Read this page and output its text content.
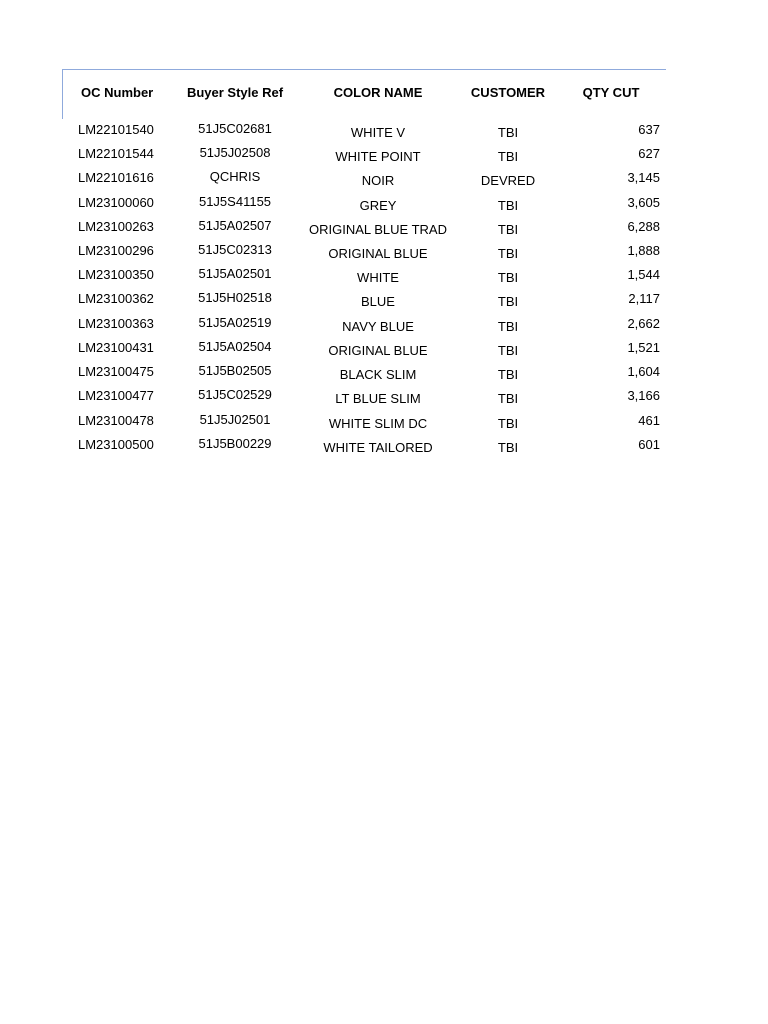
OC Number	Buyer Style Ref	COLOR NAME	CUSTOMER	QTY CUT
LM22101540	51J5C02681	WHITE V	TBI	637
LM22101544	51J5J02508	WHITE POINT	TBI	627
LM22101616	QCHRIS	NOIR	DEVRED	3,145
LM23100060	51J5S41155	GREY	TBI	3,605
LM23100263	51J5A02507	ORIGINAL BLUE TRAD	TBI	6,288
LM23100296	51J5C02313	ORIGINAL BLUE	TBI	1,888
LM23100350	51J5A02501	WHITE	TBI	1,544
LM23100362	51J5H02518	BLUE	TBI	2,117
LM23100363	51J5A02519	NAVY BLUE	TBI	2,662
LM23100431	51J5A02504	ORIGINAL BLUE	TBI	1,521
LM23100475	51J5B02505	BLACK SLIM	TBI	1,604
LM23100477	51J5C02529	LT BLUE SLIM	TBI	3,166
LM23100478	51J5J02501	WHITE SLIM DC	TBI	461
LM23100500	51J5B00229	WHITE TAILORED	TBI	601
